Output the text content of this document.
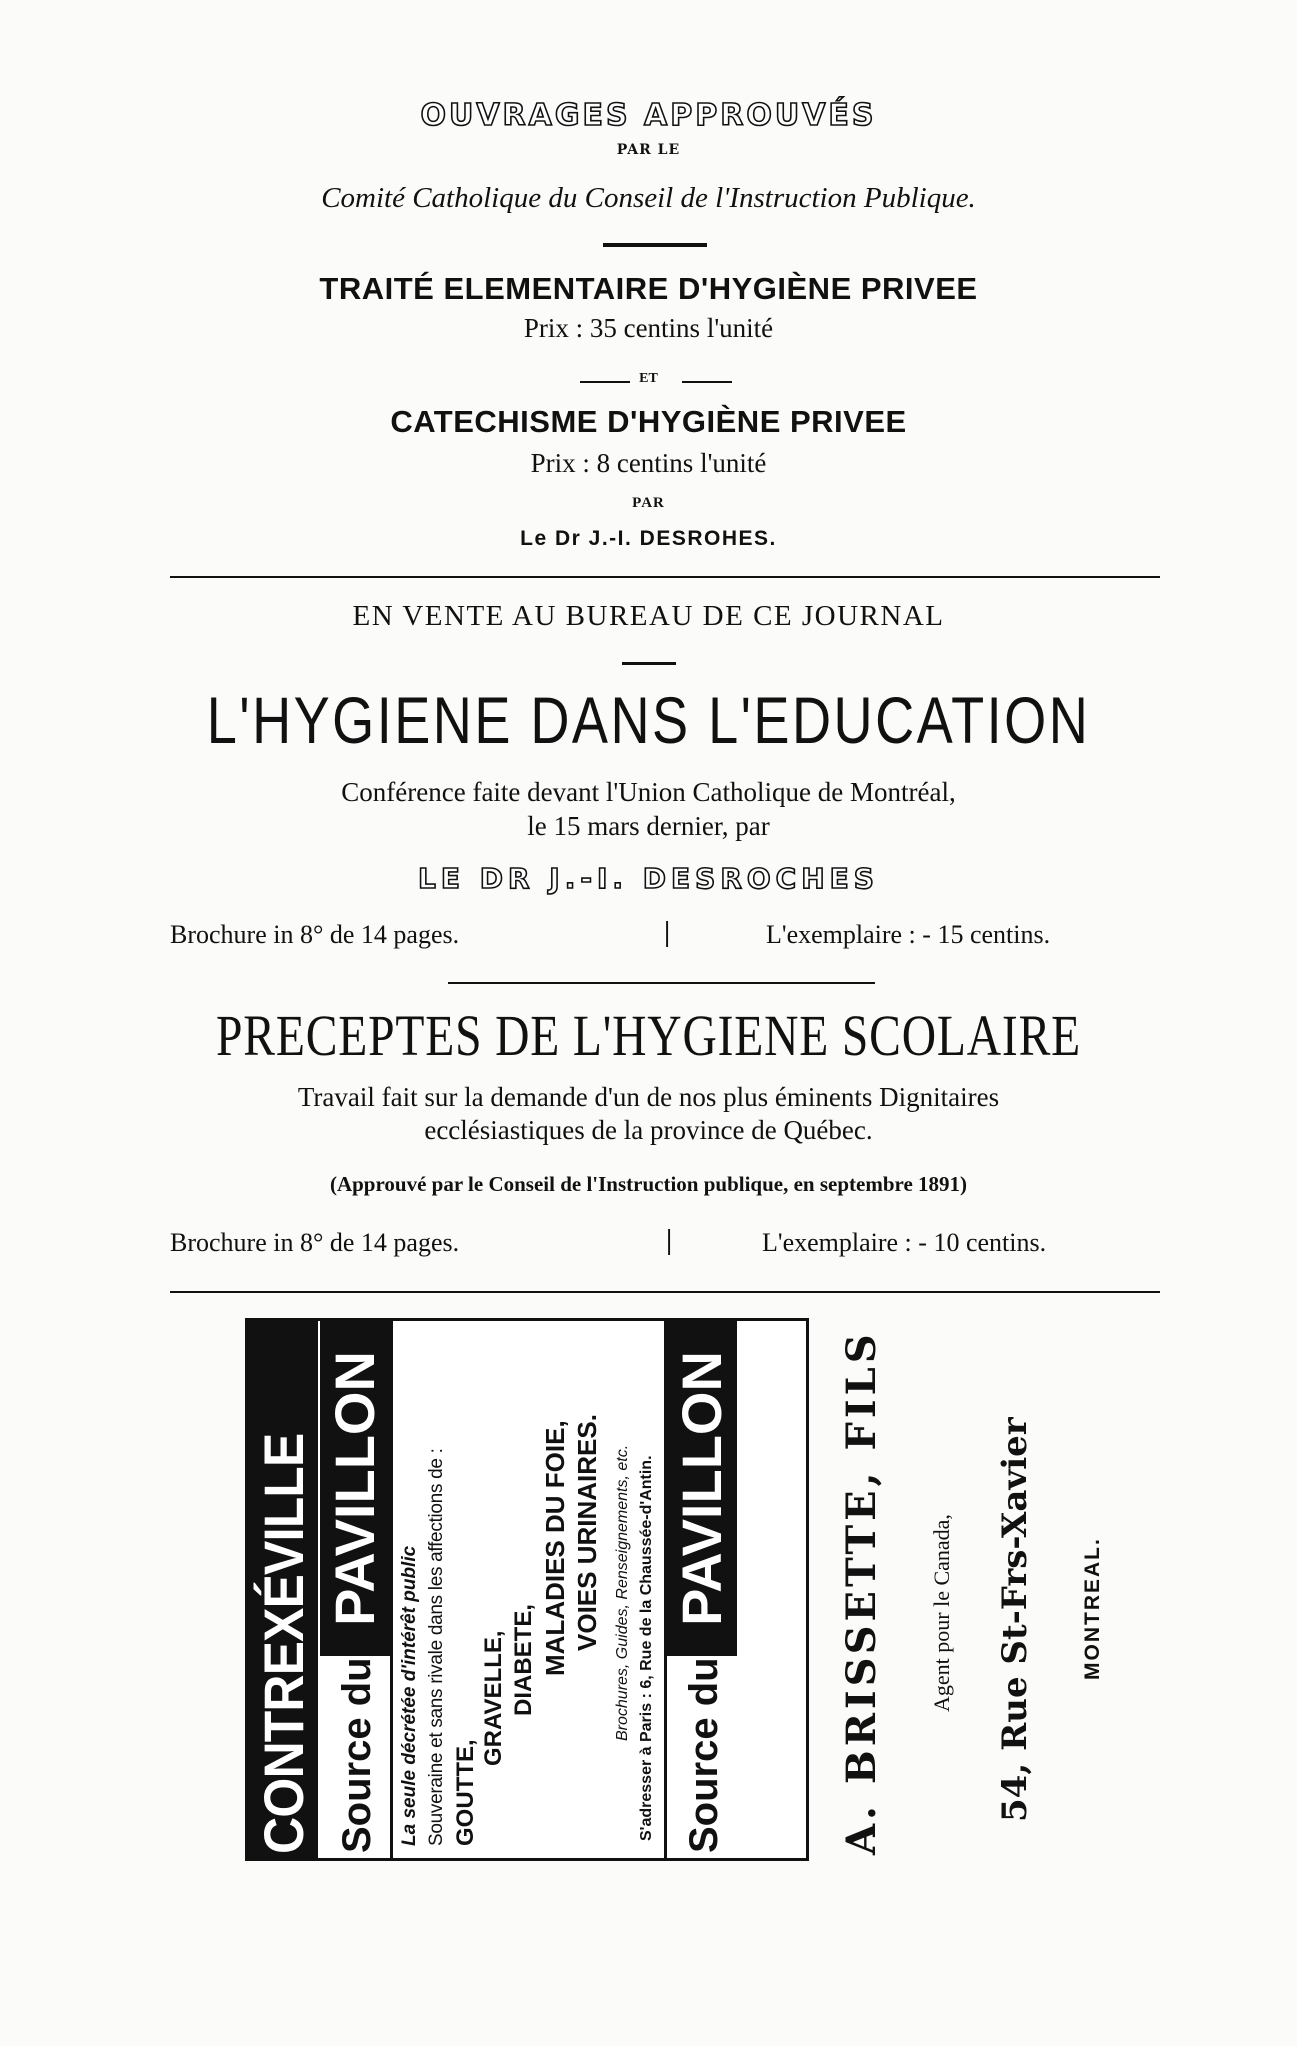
OUVRAGES APPROUVÉS
PAR LE
Comité Catholique du Conseil de l'Instruction Publique.
TRAITÉ ELEMENTAIRE D'HYGIÈNE PRIVEE
Prix : 35 centins l'unité
ET
CATECHISME D'HYGIÈNE PRIVEE
Prix : 8 centins l'unité
PAR
Le Dr J.-I. DESROHES.
EN VENTE AU BUREAU DE CE JOURNAL
L'HYGIENE DANS L'EDUCATION
Conférence faite devant l'Union Catholique de Montréal,
le 15 mars dernier, par
LE DR J.-I. DESROCHES
Brochure in 8° de 14 pages.	|	L'exemplaire : - 15 centins.
PRECEPTES DE L'HYGIENE SCOLAIRE
Travail fait sur la demande d'un de nos plus éminents Dignitaires
ecclésiastiques de la province de Québec.
(Approuvé par le Conseil de l'Instruction publique, en septembre 1891)
Brochure in 8° de 14 pages.	|	L'exemplaire : - 10 centins.
CONTREXÉVILLE PAVILLON
Source du	La seule décrétée d'intérêt public Souveraine et sans rivale dans les affections de : GOUTTE,
GRAVELLE, DIABETE, MALADIES DU FOIE, VOIES URINAIRES. Brochures, Guides, Renseignements, etc. S'adresser à Paris : 6, Rue de la Chaussée-d'Antin. PAVILLON
Source du	A. BRISSETTE, FILS Agent pour le Canada, 54, Rue St-Frs-Xavier MONTREAL.
